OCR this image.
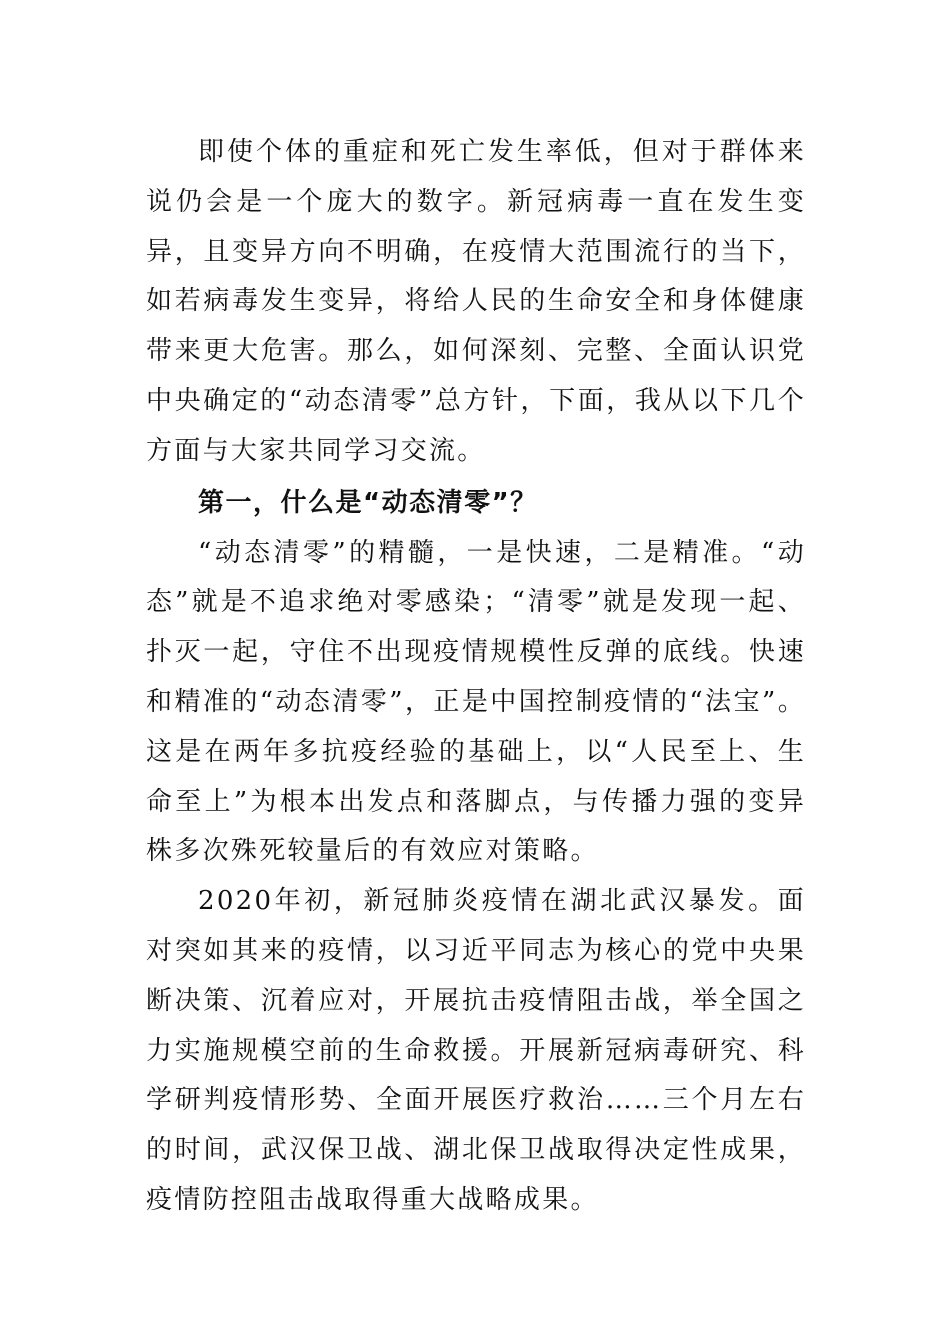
即使个体的重症和死亡发生率低，但对于群体来说仍会是一个庞大的数字。新冠病毒一直在发生变异，且变异方向不明确，在疫情大范围流行的当下，如若病毒发生变异，将给人民的生命安全和身体健康带来更大危害。那么，如何深刻、完整、全面认识党中央确定的“动态清零”总方针，下面，我从以下几个方面与大家共同学习交流。

第一，什么是“动态清零”？

“动态清零”的精髓，一是快速，二是精准。“动态”就是不追求绝对零感染；“清零”就是发现一起、扑灭一起，守住不出现疫情规模性反弹的底线。快速和精准的“动态清零”，正是中国控制疫情的“法宝”。这是在两年多抗疫经验的基础上，以“人民至上、生命至上”为根本出发点和落脚点，与传播力强的变异株多次殊死较量后的有效应对策略。

2020年初，新冠肺炎疫情在湖北武汉暴发。面对突如其来的疫情，以习近平同志为核心的党中央果断决策、沉着应对，开展抗击疫情阻击战，举全国之力实施规模空前的生命救援。开展新冠病毒研究、科学研判疫情形势、全面开展医疗救治……三个月左右的时间，武汉保卫战、湖北保卫战取得决定性成果，疫情防控阻击战取得重大战略成果。
